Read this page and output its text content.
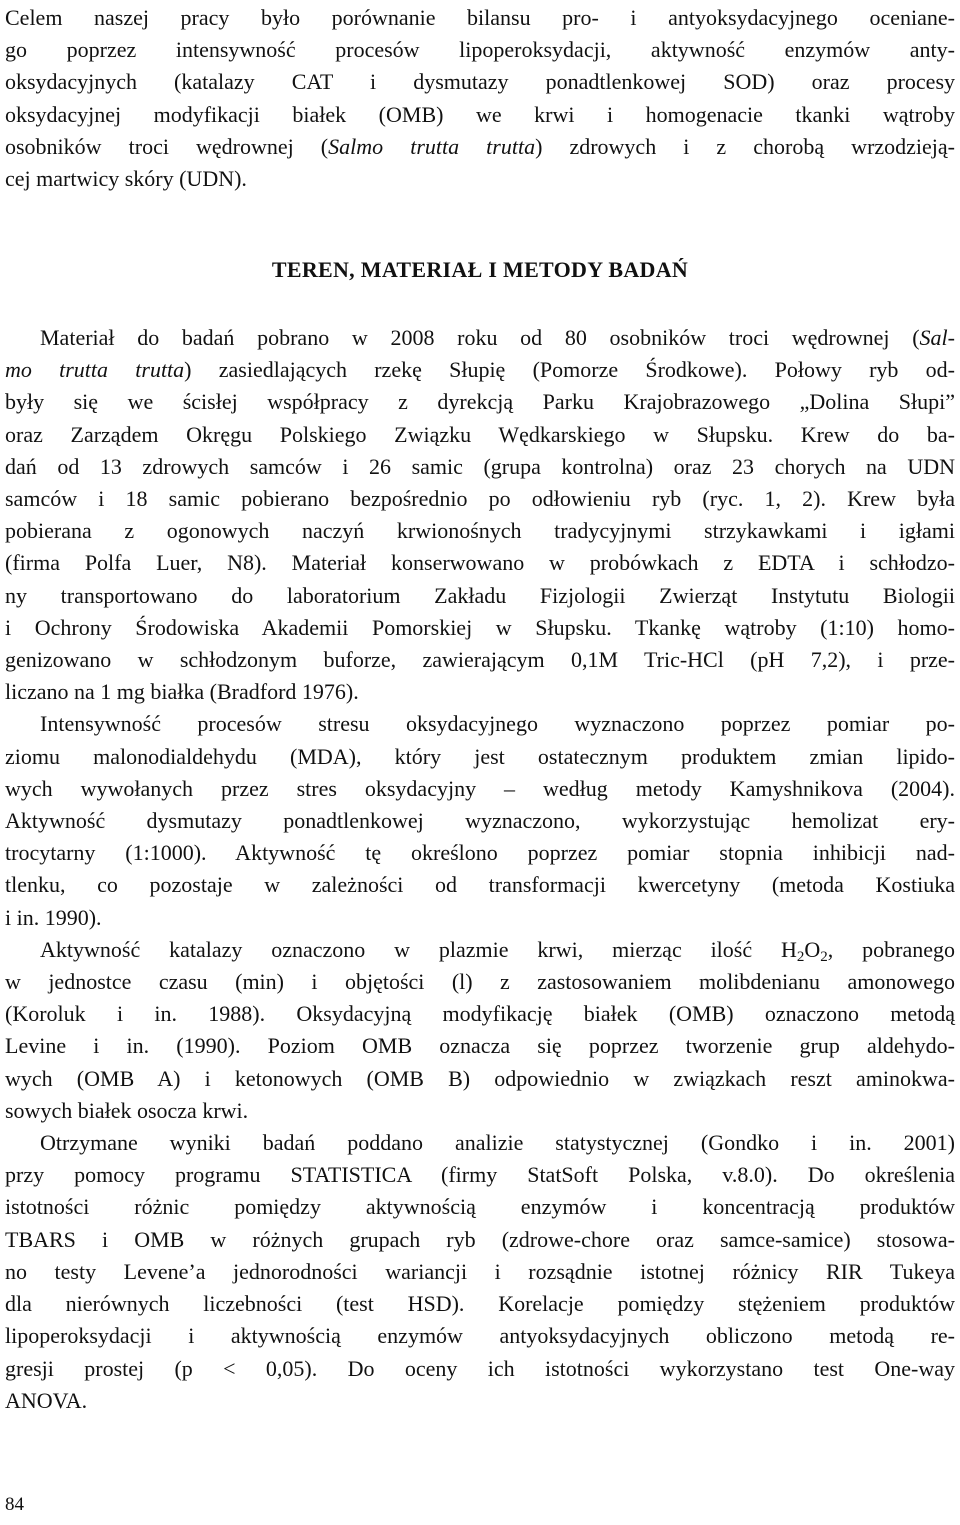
Celem naszej pracy było porównanie bilansu pro- i antyoksydacyjnego oceniane-
go poprzez intensywność procesów lipoperoksydacji, aktywność enzymów anty-
oksydacyjnych (katalazy CAT i dysmutazy ponadtlenkowej SOD) oraz procesy
oksydacyjnej modyfikacji białek (OMB) we krwi i homogenacie tkanki wątroby
osobników troci wędrownej (Salmo trutta trutta) zdrowych i z chorobą wrzodzieją-
cej martwicy skóry (UDN).
TEREN, MATERIAŁ I METODY BADAŃ
Materiał do badań pobrano w 2008 roku od 80 osobników troci wędrownej (Sal-
mo trutta trutta) zasiedlających rzekę Słupię (Pomorze Środkowe). Połowy ryb od-
były się we ścisłej współpracy z dyrekcją Parku Krajobrazowego „Dolina Słupi”
oraz Zarządem Okręgu Polskiego Związku Wędkarskiego w Słupsku. Krew do ba-
dań od 13 zdrowych samców i 26 samic (grupa kontrolna) oraz 23 chorych na UDN
samców i 18 samic pobierano bezpośrednio po odłowieniu ryb (ryc. 1, 2). Krew była
pobierana z ogonowych naczyń krwionośnych tradycyjnymi strzykawkami i igłami
(firma Polfa Luer, N8). Materiał konserwowano w probówkach z EDTA i schłodzo-
ny transportowano do laboratorium Zakładu Fizjologii Zwierząt Instytutu Biologii
i Ochrony Środowiska Akademii Pomorskiej w Słupsku. Tkankę wątroby (1:10) homo-
genizowano w schłodzonym buforze, zawierającym 0,1M Tric-HCl (pH 7,2), i prze-
liczano na 1 mg białka (Bradford 1976).
Intensywność procesów stresu oksydacyjnego wyznaczono poprzez pomiar po-
ziomu malonodialdehydu (MDA), który jest ostatecznym produktem zmian lipido-
wych wywołanych przez stres oksydacyjny – według metody Kamyshnikova (2004).
Aktywność dysmutazy ponadtlenkowej wyznaczono, wykorzystując hemolizat ery-
trocytarny (1:1000). Aktywność tę określono poprzez pomiar stopnia inhibicji nad-
tlenku, co pozostaje w zależności od transformacji kwercetyny (metoda Kostiuka
i in. 1990).
Aktywność katalazy oznaczono w plazmie krwi, mierząc ilość $H_2O_2$, pobranego
w jednostce czasu (min) i objętości (l) z zastosowaniem molibdenianu amonowego
(Koroluk i in. 1988). Oksydacyjną modyfikację białek (OMB) oznaczono metodą
Levine i in. (1990). Poziom OMB oznacza się poprzez tworzenie grup aldehydo-
wych (OMB A) i ketonowych (OMB B) odpowiednio w związkach reszt aminokwa-
sowych białek osocza krwi.
Otrzymane wyniki badań poddano analizie statystycznej (Gondko i in. 2001)
przy pomocy programu STATISTICA (firmy StatSoft Polska, v.8.0). Do określenia
istotności różnic pomiędzy aktywnością enzymów i koncentracją produktów
TBARS i OMB w różnych grupach ryb (zdrowe-chore oraz samce-samice) stosowa-
no testy Levene’a jednorodności wariancji i rozsądnie istotnej różnicy RIR Tukeya
dla nierównych liczebności (test HSD). Korelacje pomiędzy stężeniem produktów
lipoperoksydacji i aktywnością enzymów antyoksydacyjnych obliczono metodą re-
gresji prostej (p < 0,05). Do oceny ich istotności wykorzystano test One-way
ANOVA.
84
